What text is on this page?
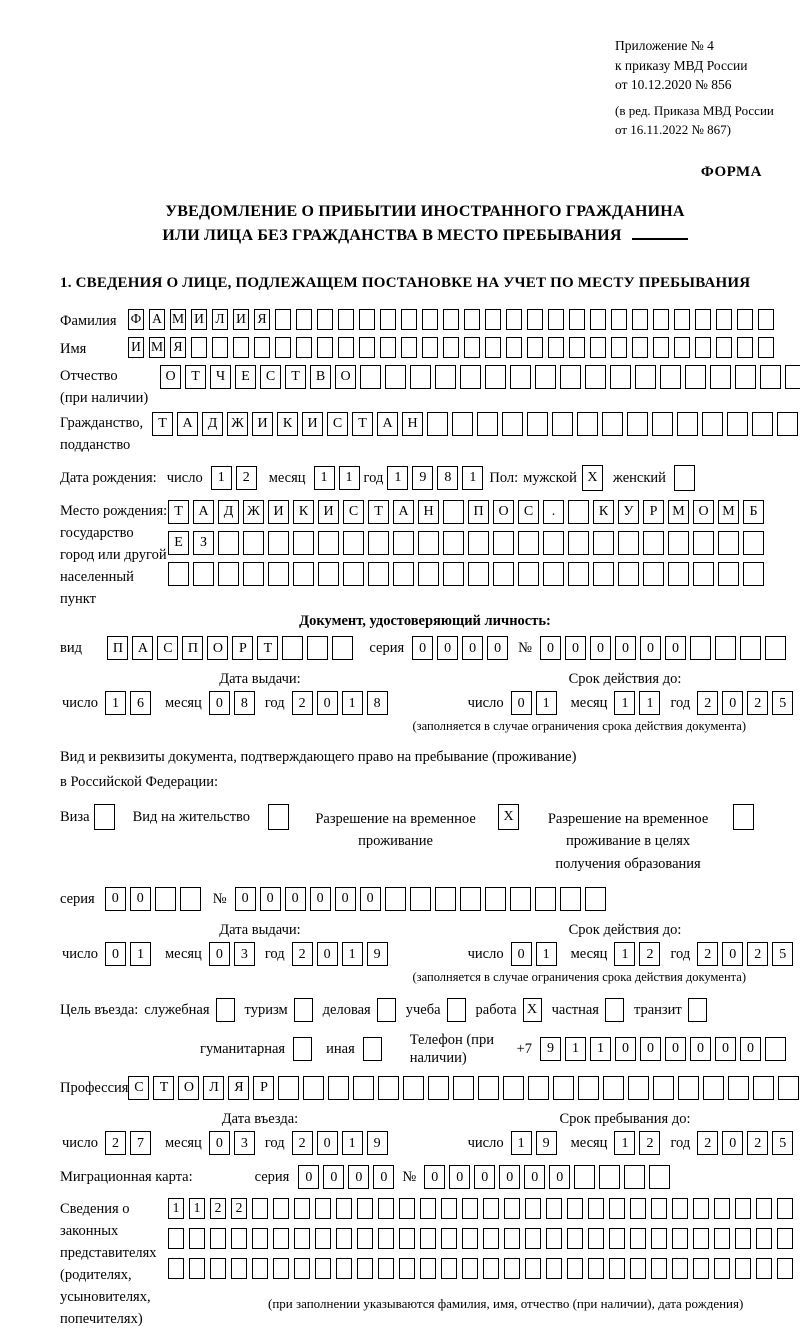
Приложение № 4
к приказу МВД России
от 10.12.2020 № 856
(в ред. Приказа МВД России
от 16.11.2022 № 867)
ФОРМА
УВЕДОМЛЕНИЕ О ПРИБЫТИИ ИНОСТРАННОГО ГРАЖДАНИНА
ИЛИ ЛИЦА БЕЗ ГРАЖДАНСТВА В МЕСТО ПРЕБЫВАНИЯ
1. СВЕДЕНИЯ О ЛИЦЕ, ПОДЛЕЖАЩЕМ ПОСТАНОВКЕ НА УЧЕТ ПО МЕСТУ ПРЕБЫВАНИЯ
Фамилия	Ф А М И Л И Я
Имя	И М Я
Отчество
(при наличии)
О	Т	Ч	Е	С	Т	В	О
Гражданство,
подданство
Т	А	Д Ж И	К	И	С	Т	А	Н
Дата рождения: число	1	2	месяц	1	1 год 1	9	8	1 Пол: мужской X	женский
Место рождения:
государство
город или другой
населенный пункт
Т	А	Д Ж И	К	И	С	Т	А	Н	П	О	С	.	К	У	Р	М О М	Б

Е	З

Документ, удостоверяющий личность:
вид	П	А	С	П	О	Р	Т	серия	0	0	0	0	№	0	0	0	0	0	0
Дата выдачи:	Срок действия до:
число	1	6	месяц	0	8	год	2	0	1	8	число	0	1	месяц	1	1	год	2	0	2	5
(заполняется в случае ограничения срока действия документа)
Вид и реквизиты документа, подтверждающего право на пребывание (проживание)
в Российской Федерации:
Виза	Вид на жительство	Разрешение на временное проживание
X	Разрешение на временное проживание в целях получения образования
серия	0	0	№	0	0	0	0	0	0
Дата выдачи:	Срок действия до:
число	0	1	месяц	0	3	год	2	0	1	9	число	0	1	месяц	1	2	год	2	0	2	5
(заполняется в случае ограничения срока действия документа)
Цель въезда: служебная туризм деловая учеба работа X частная транзит
гуманитарная	иная
Телефон (при наличии)
+7	9	1	1	0	0	0	0	0	0
Профессия С	Т	О	Л	Я	Р
Дата въезда:	Срок пребывания до:
число	2	7	месяц	0	3	год	2	0	1	9	число	1	9	месяц	1	2	год	2	0	2	5
Миграционная карта:	серия	0	0	0	0	№	0	0	0	0	0	0
Сведения о
законных
представителях
(родителях,
усыновителях,
попечителях)
1	1	2	2

(при заполнении указываются фамилия, имя, отчество (при наличии), дата рождения)
